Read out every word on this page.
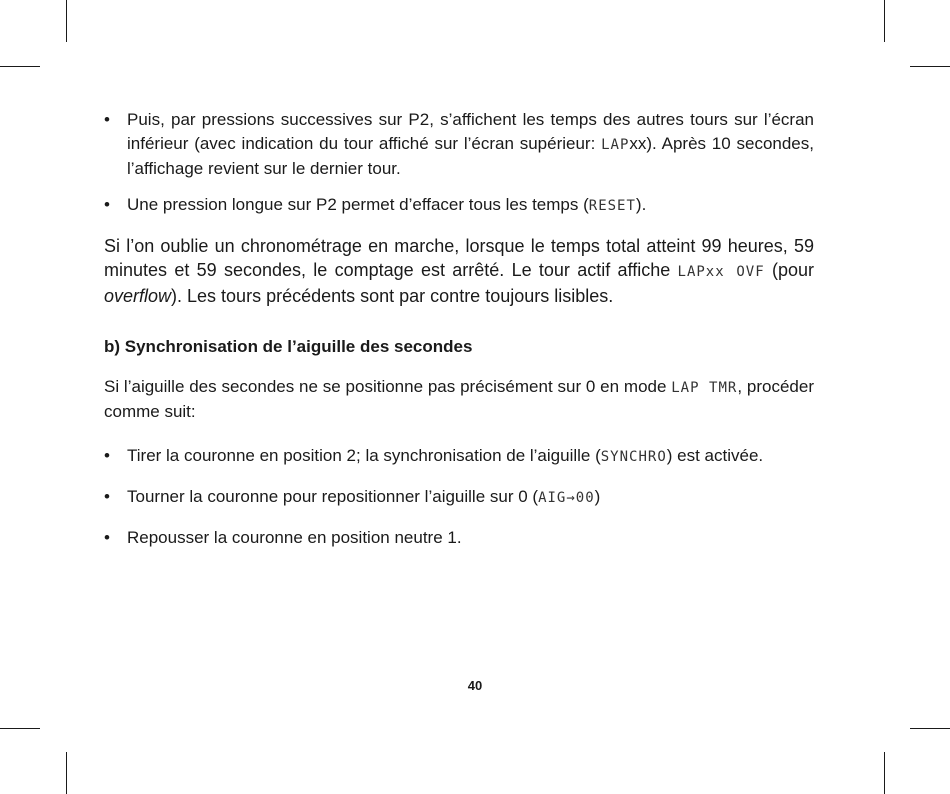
• Puis, par pressions successives sur P2, s’affichent les temps des autres tours sur l’écran inférieur (avec indication du tour affiché sur l’écran supérieur: LAPxx). Après 10 secondes, l’affichage revient sur le dernier tour.
• Une pression longue sur P2 permet d’effacer tous les temps (RESET).
Si l’on oublie un chronométrage en marche, lorsque le temps total atteint 99 heures, 59 minutes et 59 secondes, le comptage est arrêté. Le tour actif affiche LAPxx OVF (pour overflow). Les tours précédents sont par contre toujours lisibles.
b) Synchronisation de l’aiguille des secondes
Si l’aiguille des secondes ne se positionne pas précisément sur 0 en mode LAP TMR, procéder comme suit:
• Tirer la couronne en position 2; la synchronisation de l’aiguille (SYNCHRO) est activée.
• Tourner la couronne pour repositionner l’aiguille sur 0 (AIG→00)
• Repousser la couronne en position neutre 1.
40
